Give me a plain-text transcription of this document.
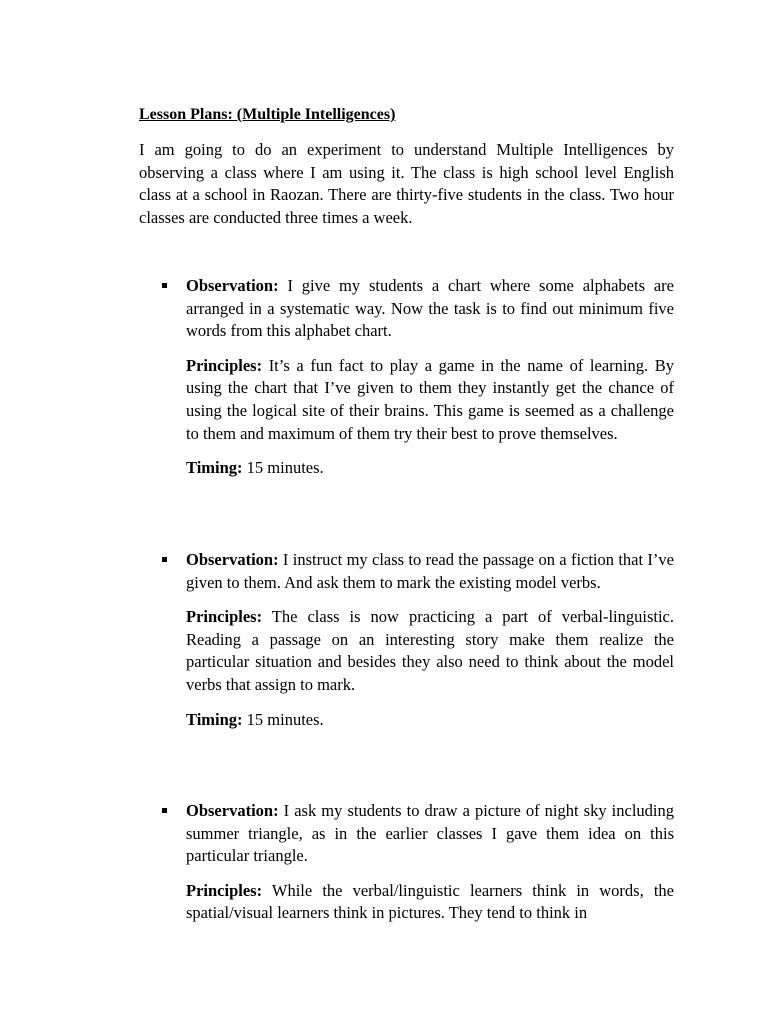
Lesson Plans: (Multiple Intelligences)

I am going to do an experiment to understand Multiple Intelligences by observing a class where I am using it. The class is high school level English class at a school in Raozan. There are thirty-five students in the class. Two hour classes are conducted three times a week.

Observation: I give my students a chart where some alphabets are arranged in a systematic way. Now the task is to find out minimum five words from this alphabet chart.

Principles: It’s a fun fact to play a game in the name of learning. By using the chart that I’ve given to them they instantly get the chance of using the logical site of their brains. This game is seemed as a challenge to them and maximum of them try their best to prove themselves.

Timing: 15 minutes.

Observation: I instruct my class to read the passage on a fiction that I’ve given to them. And ask them to mark the existing model verbs.

Principles: The class is now practicing a part of verbal-linguistic. Reading a passage on an interesting story make them realize the particular situation and besides they also need to think about the model verbs that assign to mark.

Timing: 15 minutes.

Observation: I ask my students to draw a picture of night sky including summer triangle, as in the earlier classes I gave them idea on this particular triangle.

Principles: While the verbal/linguistic learners think in words, the spatial/visual learners think in pictures. They tend to think in
